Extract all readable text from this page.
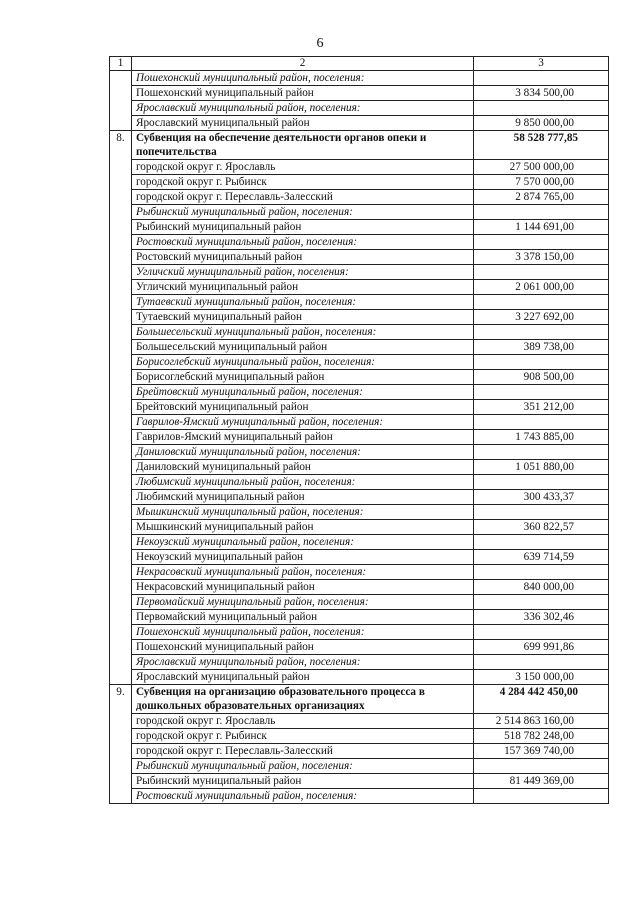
6
1	2	3
	Пошехонский муниципальный район, поселения:	
	Пошехонский муниципальный район	3 834 500,00
	Ярославский муниципальный район, поселения:	
	Ярославский муниципальный район	9 850 000,00
8.	Субвенция на обеспечение деятельности органов опеки и попечительства	58 528 777,85
	городской округ г. Ярославль	27 500 000,00
	городской округ г. Рыбинск	7 570 000,00
	городской округ г. Переславль-Залесский	2 874 765,00
	Рыбинский муниципальный район, поселения:	
	Рыбинский муниципальный район	1 144 691,00
	Ростовский муниципальный район, поселения:	
	Ростовский муниципальный район	3 378 150,00
	Угличский муниципальный район, поселения:	
	Угличский муниципальный район	2 061 000,00
	Тутаевский муниципальный район, поселения:	
	Тутаевский муниципальный район	3 227 692,00
	Большесельский муниципальный район, поселения:	
	Большесельский муниципальный район	389 738,00
	Борисоглебский муниципальный район, поселения:	
	Борисоглебский муниципальный район	908 500,00
	Брейтовский муниципальный район, поселения:	
	Брейтовский муниципальный район	351 212,00
	Гаврилов-Ямский муниципальный район, поселения:	
	Гаврилов-Ямский муниципальный район	1 743 885,00
	Даниловский муниципальный район, поселения:	
	Даниловский муниципальный район	1 051 880,00
	Любимский муниципальный район, поселения:	
	Любимский муниципальный район	300 433,37
	Мышкинский муниципальный район, поселения:	
	Мышкинский муниципальный район	360 822,57
	Некоузский муниципальный район, поселения:	
	Некоузский муниципальный район	639 714,59
	Некрасовский муниципальный район, поселения:	
	Некрасовский муниципальный район	840 000,00
	Первомайский муниципальный район, поселения:	
	Первомайский муниципальный район	336 302,46
	Пошехонский муниципальный район, поселения:	
	Пошехонский муниципальный район	699 991,86
	Ярославский муниципальный район, поселения:	
	Ярославский муниципальный район	3 150 000,00
9.	Субвенция на организацию образовательного процесса в дошкольных образовательных организациях	4 284 442 450,00
	городской округ г. Ярославль	2 514 863 160,00
	городской округ г. Рыбинск	518 782 248,00
	городской округ г. Переславль-Залесский	157 369 740,00
	Рыбинский муниципальный район, поселения:	
	Рыбинский муниципальный район	81 449 369,00
	Ростовский муниципальный район, поселения:	
